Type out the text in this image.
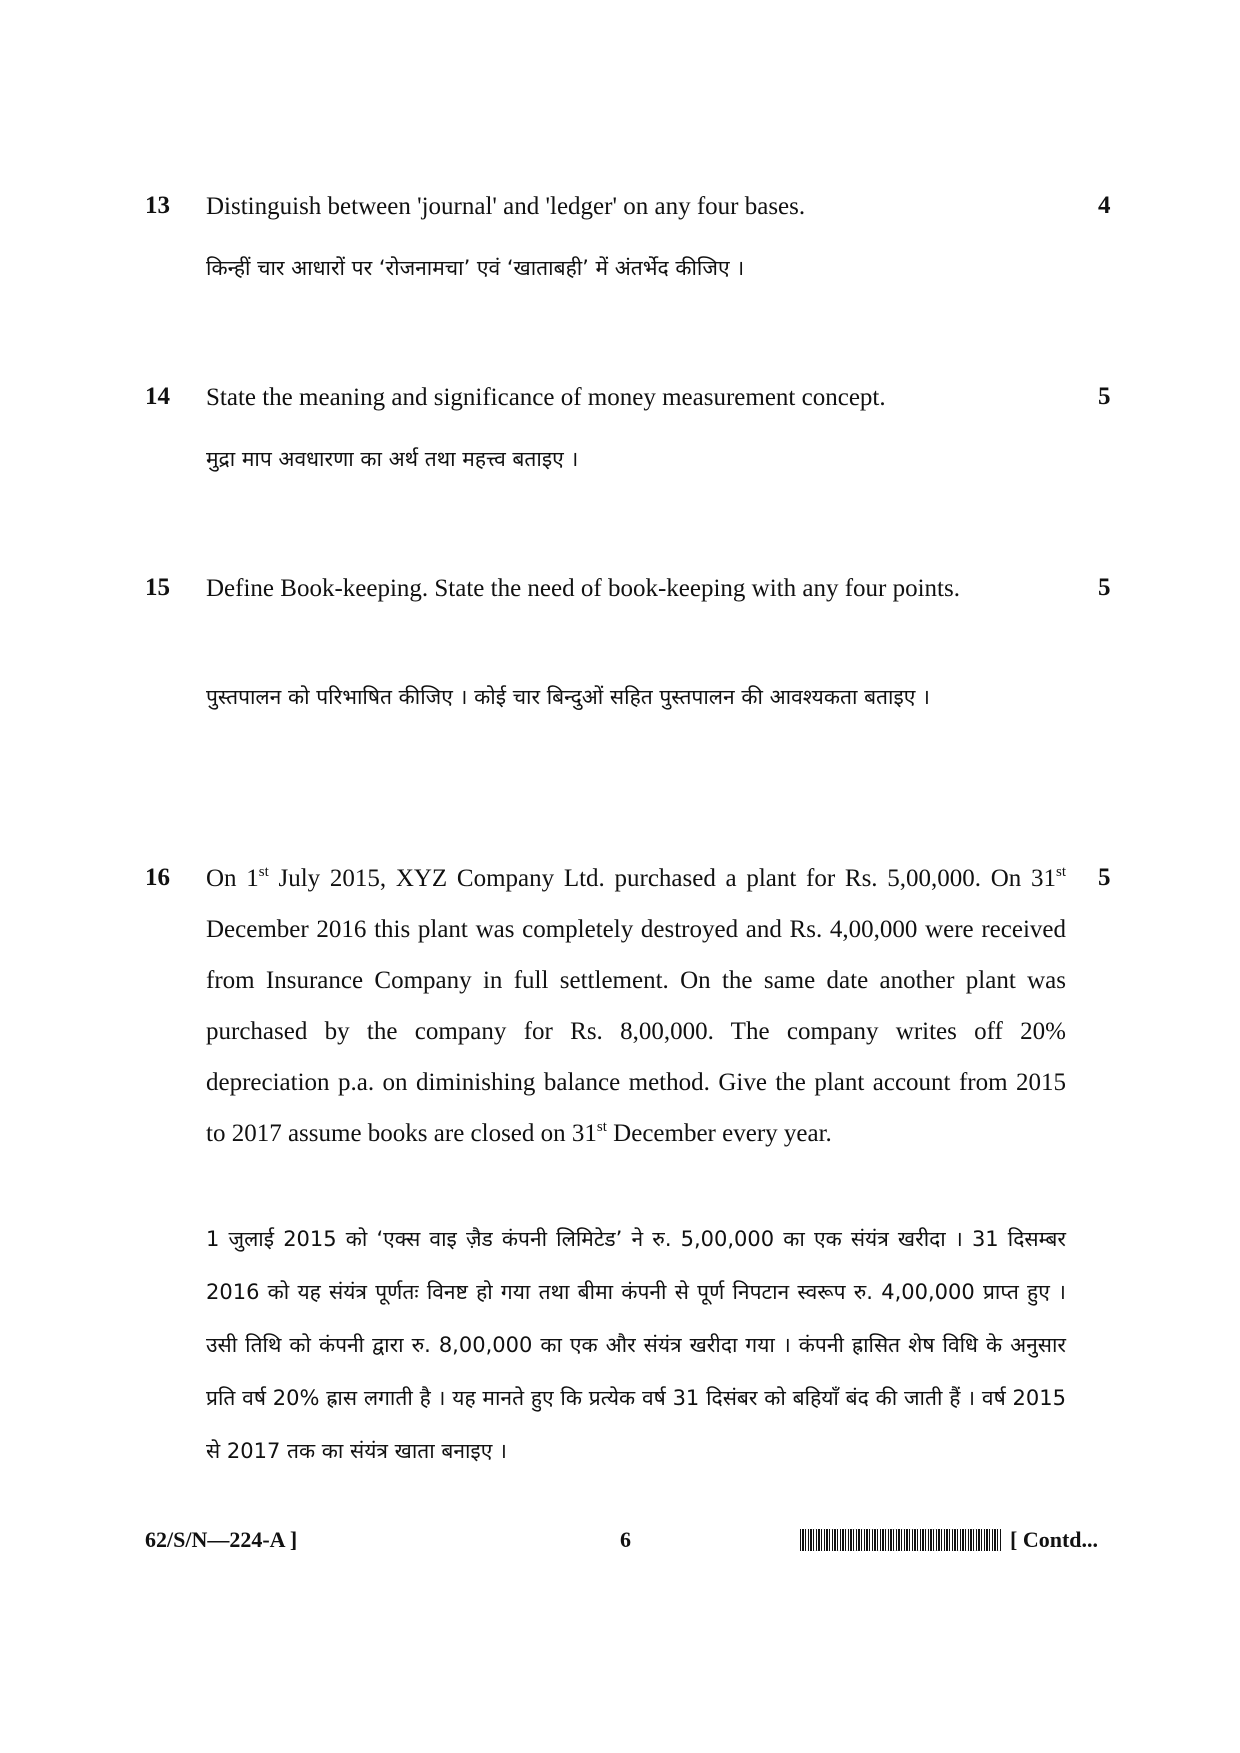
13 Distinguish between 'journal' and 'ledger' on any four bases.	4

किन्हीं चार आधारों पर ‘रोजनामचा’ एवं ‘खाताबही’ में अंतर्भेद कीजिए ।

14 State the meaning and significance of money measurement concept.	5

मुद्रा माप अवधारणा का अर्थ तथा महत्त्व बताइए ।

15 Define Book-keeping. State the need of book-keeping with any four points.	5

पुस्तपालन को परिभाषित कीजिए । कोई चार बिन्दुओं सहित पुस्तपालन की आवश्यकता बताइए ।

16 On 1st July 2015, XYZ Company Ltd. purchased a plant for Rs. 5,00,000. On 31st December 2016 this plant was completely destroyed and Rs. 4,00,000 were received from Insurance Company in full settlement. On the same date another plant was purchased by the company for Rs. 8,00,000. The company writes off 20% depreciation p.a. on diminishing balance method. Give the plant account from 2015 to 2017 assume books are closed on 31st December every year.

5

1 जुलाई 2015 को ‘एक्स वाइ ज़ैड कंपनी लिमिटेड’ ने रु. 5,00,000 का एक संयंत्र खरीदा । 31 दिसम्बर 2016 को यह संयंत्र पूर्णतः विनष्ट हो गया तथा बीमा कंपनी से पूर्ण निपटान स्वरूप रु. 4,00,000 प्राप्त हुए । उसी तिथि को कंपनी द्वारा रु. 8,00,000 का एक और संयंत्र खरीदा गया । कंपनी ह्रासित शेष विधि के अनुसार प्रति वर्ष 20% ह्रास लगाती है । यह मानते हुए कि प्रत्येक वर्ष 31 दिसंबर को बहियाँ बंद की जाती हैं । वर्ष 2015 से 2017 तक का संयंत्र खाता बनाइए ।

62/S/N—224-A ]	6	[ Contd...
